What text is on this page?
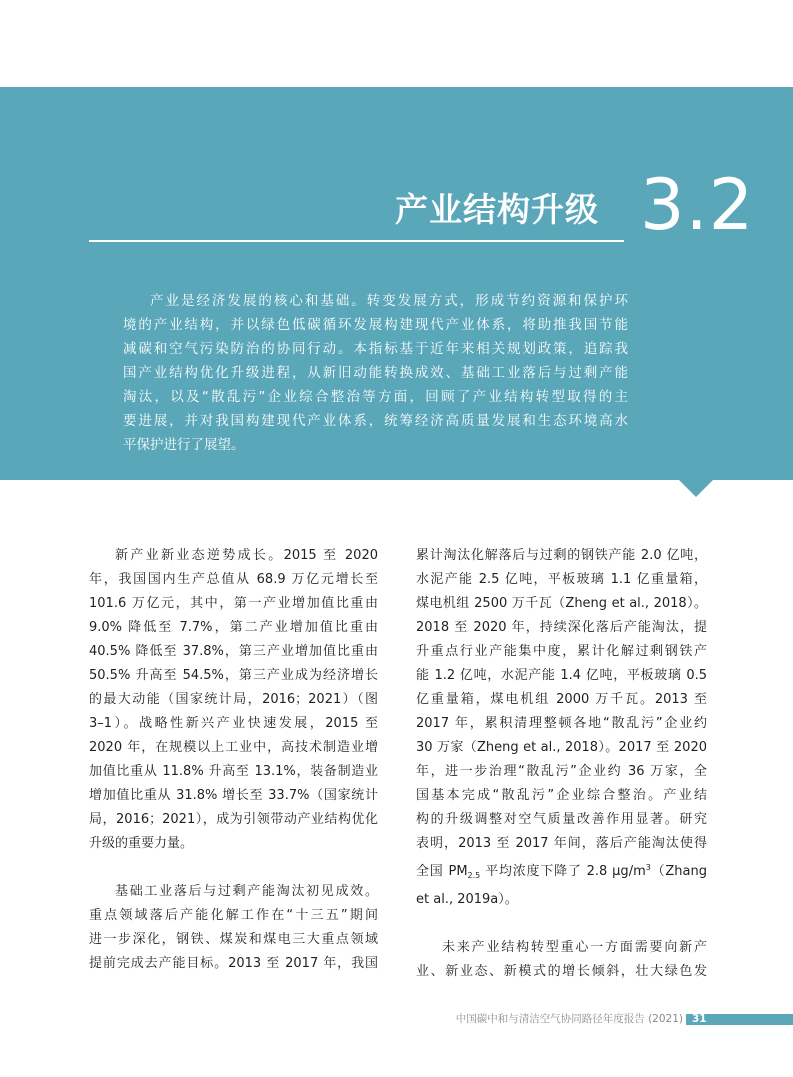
产业结构升级 3.2

产业是经济发展的核心和基础。转变发展方式，形成节约资源和保护环
境的产业结构，并以绿色低碳循环发展构建现代产业体系，将助推我国节能
减碳和空气污染防治的协同行动。本指标基于近年来相关规划政策，追踪我
国产业结构优化升级进程，从新旧动能转换成效、基础工业落后与过剩产能
淘汰，以及“散乱污”企业综合整治等方面，回顾了产业结构转型取得的主
要进展，并对我国构建现代产业体系，统筹经济高质量发展和生态环境高水
平保护进行了展望。

新产业新业态逆势成长。2015 至 2020
年，我国国内生产总值从 68.9 万亿元增长至
101.6 万亿元，其中，第一产业增加值比重由
9.0% 降低至 7.7%，第二产业增加值比重由
40.5% 降低至 37.8%，第三产业增加值比重由
50.5% 升高至 54.5%，第三产业成为经济增长
的最大动能（国家统计局，2016；2021）（图
3–1）。战略性新兴产业快速发展，2015 至
2020 年，在规模以上工业中，高技术制造业增
加值比重从 11.8% 升高至 13.1%，装备制造业
增加值比重从 31.8% 增长至 33.7%（国家统计
局，2016；2021），成为引领带动产业结构优化
升级的重要力量。
基础工业落后与过剩产能淘汰初见成效。
重点领域落后产能化解工作在“十三五”期间
进一步深化，钢铁、煤炭和煤电三大重点领域
提前完成去产能目标。2013 至 2017 年，我国
累计淘汰化解落后与过剩的钢铁产能 2.0 亿吨，
水泥产能 2.5 亿吨，平板玻璃 1.1 亿重量箱，
煤电机组 2500 万千瓦（Zheng et al., 2018）。
2018 至 2020 年，持续深化落后产能淘汰，提
升重点行业产能集中度，累计化解过剩钢铁产
能 1.2 亿吨，水泥产能 1.4 亿吨，平板玻璃 0.5
亿重量箱，煤电机组 2000 万千瓦。2013 至
2017 年，累积清理整顿各地“散乱污”企业约
30 万家（Zheng et al., 2018）。2017 至 2020
年，进一步治理“散乱污”企业约 36 万家，全
国基本完成“散乱污”企业综合整治。产业结
构的升级调整对空气质量改善作用显著。研究
表明，2013 至 2017 年间，落后产能淘汰使得
全国 $PM_{2.5}$ 平均浓度下降了 2.8 $\mu g/m^3(Zhang$
et al., 2019a）。
未来产业结构转型重心一方面需要向新产
业、新业态、新模式的增长倾斜，壮大绿色发
中国碳中和与清洁空气协同路径年度报告 (2021) 31
